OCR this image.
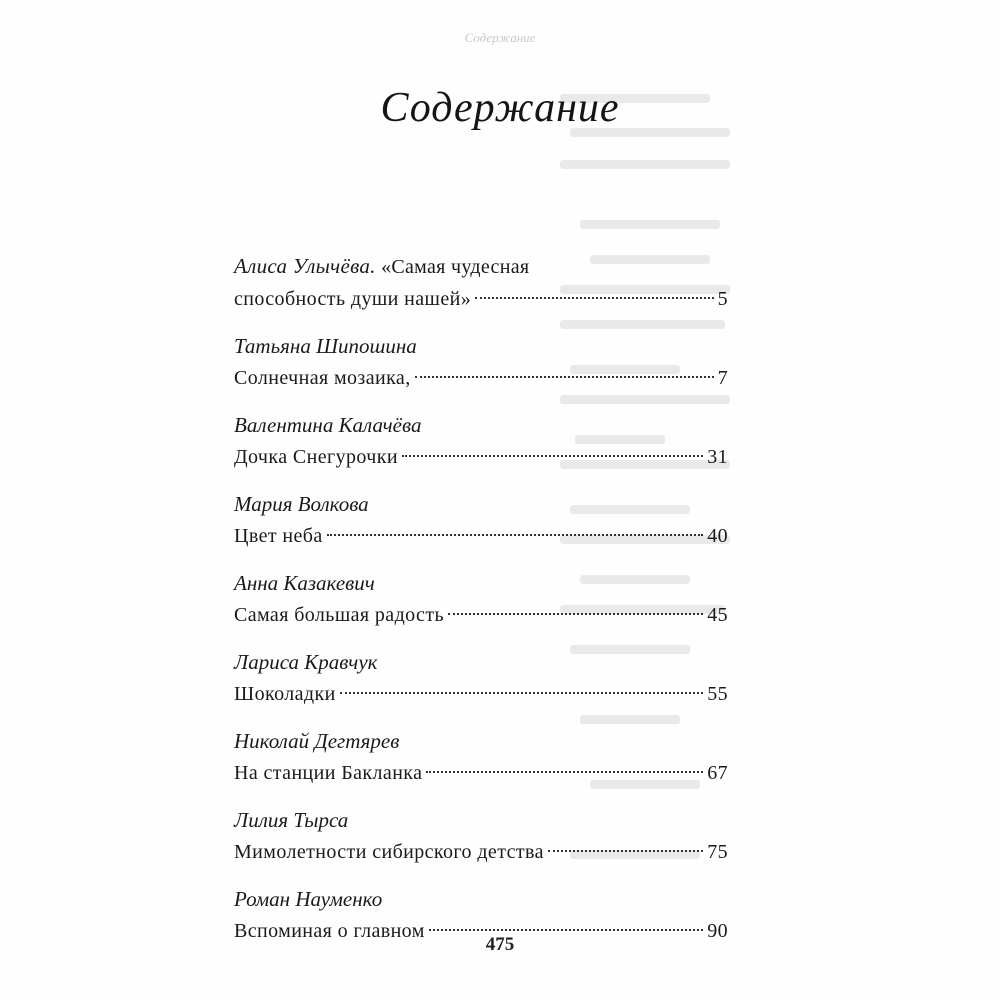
Содержание
Содержание
Алиса Улычёва. «Самая чудесная
способность души нашей»	5
Татьяна Шипошина
Солнечная мозаика,	7
Валентина Калачёва
Дочка Снегурочки	31
Мария Волкова
Цвет неба	40
Анна Казакевич
Самая большая радость	45
Лариса Кравчук
Шоколадки	55
Николай Дегтярев
На станции Бакланка	67
Лилия Тырса
Мимолетности сибирского детства	75
Роман Науменко
Вспоминая о главном	90
475
